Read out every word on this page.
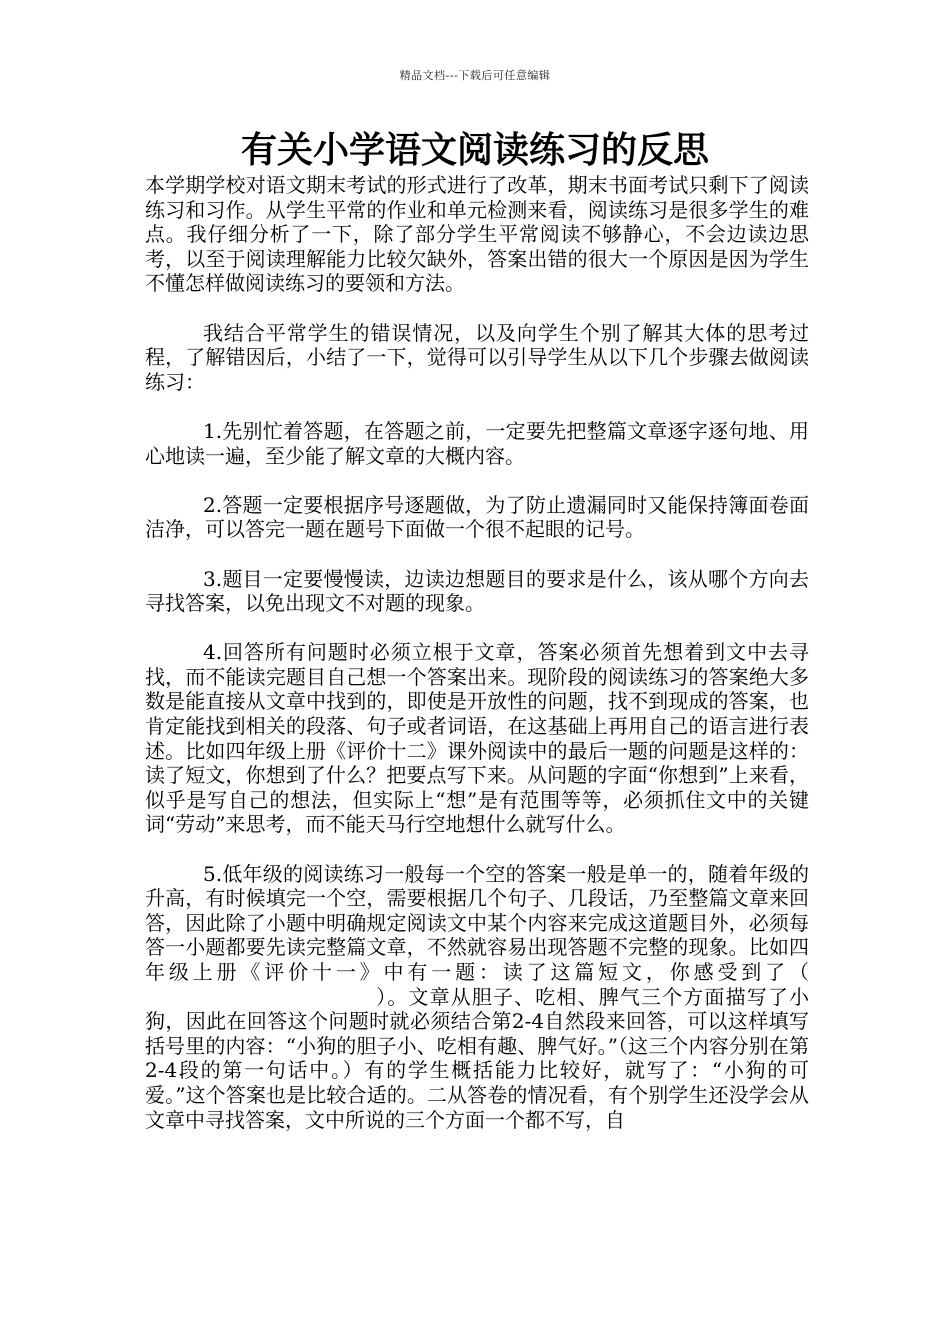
精品文档---下载后可任意编辑
有关小学语文阅读练习的反思

本学期学校对语文期末考试的形式进行了改革，期末书面考试只剩下了阅读练习和习作。从学生平常的作业和单元检测来看，阅读练习是很多学生的难点。我仔细分析了一下，除了部分学生平常阅读不够静心，不会边读边思考，以至于阅读理解能力比较欠缺外，答案出错的很大一个原因是因为学生不懂怎样做阅读练习的要领和方法。

我结合平常学生的错误情况，以及向学生个别了解其大体的思考过程，了解错因后，小结了一下，觉得可以引导学生从以下几个步骤去做阅读练习：

1.先别忙着答题，在答题之前，一定要先把整篇文章逐字逐句地、用心地读一遍，至少能了解文章的大概内容。

2.答题一定要根据序号逐题做，为了防止遗漏同时又能保持簿面卷面洁净，可以答完一题在题号下面做一个很不起眼的记号。

3.题目一定要慢慢读，边读边想题目的要求是什么，该从哪个方向去寻找答案，以免出现文不对题的现象。

4.回答所有问题时必须立根于文章，答案必须首先想着到文中去寻找，而不能读完题目自己想一个答案出来。现阶段的阅读练习的答案绝大多数是能直接从文章中找到的，即使是开放性的问题，找不到现成的答案，也肯定能找到相关的段落、句子或者词语，在这基础上再用自己的语言进行表述。比如四年级上册《评价十二》课外阅读中的最后一题的问题是这样的：读了短文，你想到了什么？把要点写下来。从问题的字面“你想到”上来看，似乎是写自己的想法，但实际上“想”是有范围等等，必须抓住文中的关键词“劳动”来思考，而不能天马行空地想什么就写什么。

5.低年级的阅读练习一般每一个空的答案一般是单一的，随着年级的升高，有时候填完一个空，需要根据几个句子、几段话，乃至整篇文章来回答，因此除了小题中明确规定阅读文中某个内容来完成这道题目外，必须每答一小题都要先读完整篇文章，不然就容易出现答题不完整的现象。比如四年级上册《评价十一》中有一题：读了这篇短文，你感受到了（）。文章从胆子、吃相、脾气三个方面描写了小狗，因此在回答这个问题时就必须结合第2-4自然段来回答，可以这样填写括号里的内容：“小狗的胆子小、吃相有趣、脾气好。”（这三个内容分别在第2-4段的第一句话中。）有的学生概括能力比较好，就写了：“小狗的可爱。”这个答案也是比较合适的。二从答卷的情况看，有个别学生还没学会从文章中寻找答案，文中所说的三个方面一个都不写，自
